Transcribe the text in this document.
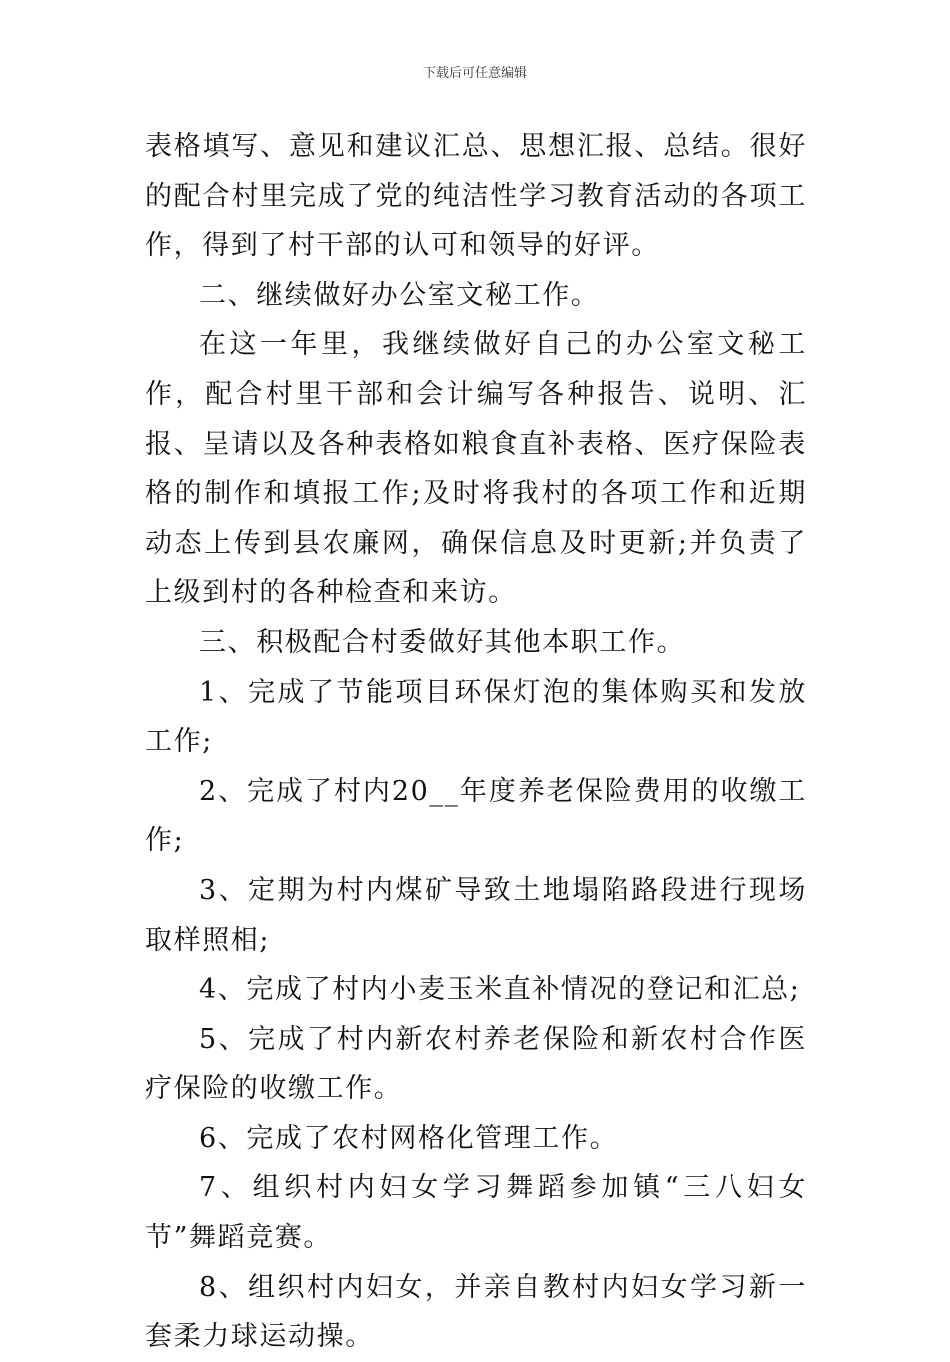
下载后可任意编辑

表格填写、意见和建议汇总、思想汇报、总结。很好的配合村里完成了党的纯洁性学习教育活动的各项工作，得到了村干部的认可和领导的好评。

二、继续做好办公室文秘工作。

在这一年里，我继续做好自己的办公室文秘工作，配合村里干部和会计编写各种报告、说明、汇报、呈请以及各种表格如粮食直补表格、医疗保险表格的制作和填报工作;及时将我村的各项工作和近期动态上传到县农廉网，确保信息及时更新;并负责了上级到村的各种检查和来访。

三、积极配合村委做好其他本职工作。

1、完成了节能项目环保灯泡的集体购买和发放工作;

2、完成了村内20__年度养老保险费用的收缴工作;

3、定期为村内煤矿导致土地塌陷路段进行现场取样照相;

4、完成了村内小麦玉米直补情况的登记和汇总;

5、完成了村内新农村养老保险和新农村合作医疗保险的收缴工作。

6、完成了农村网格化管理工作。

7、组织村内妇女学习舞蹈参加镇“三八妇女节”舞蹈竞赛。

8、组织村内妇女，并亲自教村内妇女学习新一套柔力球运动操。
